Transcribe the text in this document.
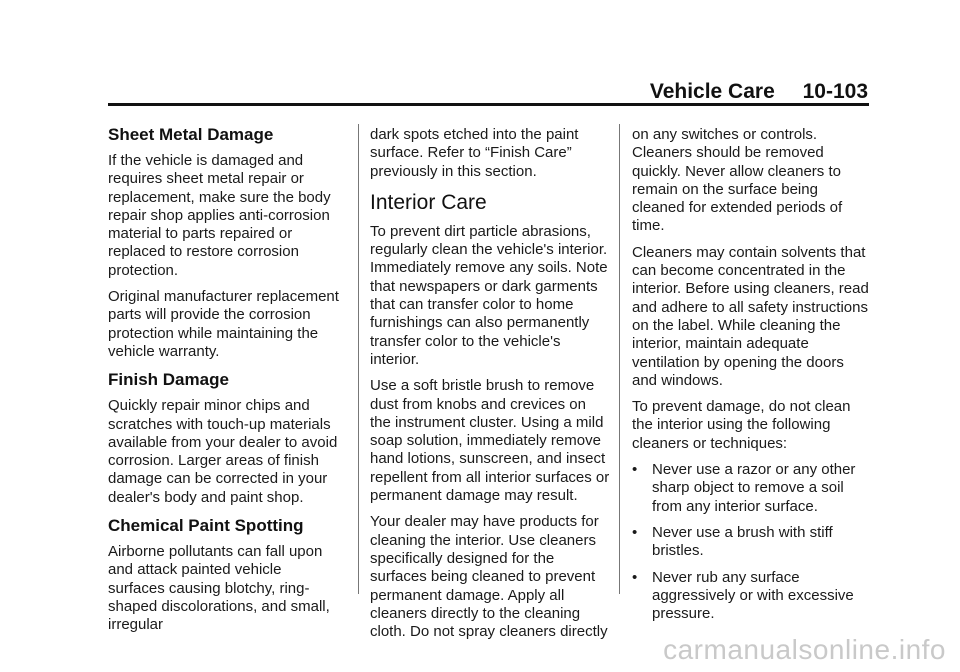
Vehicle Care 10-103
Sheet Metal Damage

If the vehicle is damaged and requires sheet metal repair or replacement, make sure the body repair shop applies anti-corrosion material to parts repaired or replaced to restore corrosion protection.

Original manufacturer replacement parts will provide the corrosion protection while maintaining the vehicle warranty.

Finish Damage

Quickly repair minor chips and scratches with touch-up materials available from your dealer to avoid corrosion. Larger areas of finish damage can be corrected in your dealer's body and paint shop.

Chemical Paint Spotting

Airborne pollutants can fall upon and attack painted vehicle surfaces causing blotchy, ring-shaped discolorations, and small, irregular

dark spots etched into the paint surface. Refer to “Finish Care” previously in this section.

Interior Care

To prevent dirt particle abrasions, regularly clean the vehicle's interior. Immediately remove any soils. Note that newspapers or dark garments that can transfer color to home furnishings can also permanently transfer color to the vehicle's interior.

Use a soft bristle brush to remove dust from knobs and crevices on the instrument cluster. Using a mild soap solution, immediately remove hand lotions, sunscreen, and insect repellent from all interior surfaces or permanent damage may result.

Your dealer may have products for cleaning the interior. Use cleaners specifically designed for the surfaces being cleaned to prevent permanent damage. Apply all cleaners directly to the cleaning cloth. Do not spray cleaners directly

on any switches or controls. Cleaners should be removed quickly. Never allow cleaners to remain on the surface being cleaned for extended periods of time.

Cleaners may contain solvents that can become concentrated in the interior. Before using cleaners, read and adhere to all safety instructions on the label. While cleaning the interior, maintain adequate ventilation by opening the doors and windows.

To prevent damage, do not clean the interior using the following cleaners or techniques:

• Never use a razor or any other sharp object to remove a soil from any interior surface.
• Never use a brush with stiff bristles.
• Never rub any surface aggressively or with excessive pressure.
carmanualsonline.info
